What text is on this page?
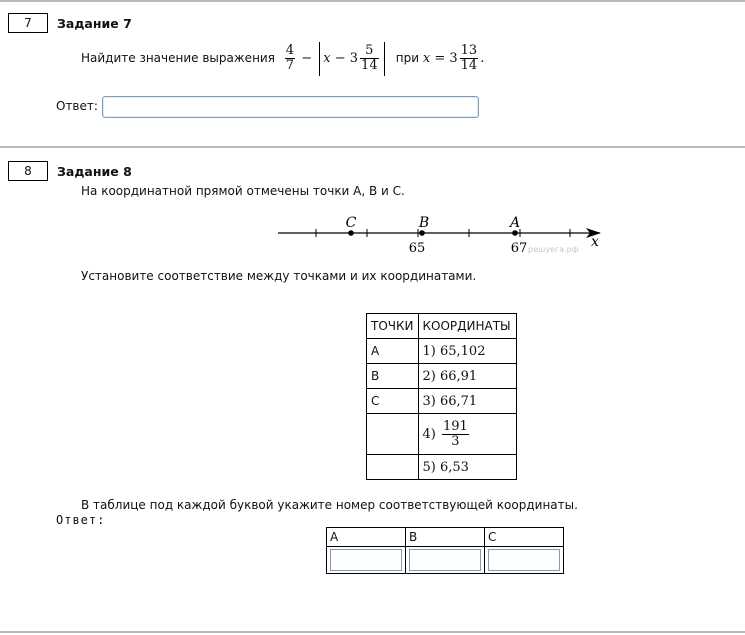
7	Задание 7
Найдите значение выражения $\frac{4}{7} - x - 3 \frac{5}{14}$ при $x = 3 \frac{13}{14}$ .
Ответ:
8	Задание 8
На координатной прямой отмечены точки A, B и C.
C	B	A
65	67 решуега.рф x
Установите соответствие между точками и их координатами.
ТОЧКИ	КООРДИНАТЫ
A	1) 65,102
B	2) 66,91
C	3) 66,71
	$4) \frac{191}{3}$

	5) 6,53
В таблице под каждой буквой укажите номер соответствующей координаты.
Ответ:
A	B	C
